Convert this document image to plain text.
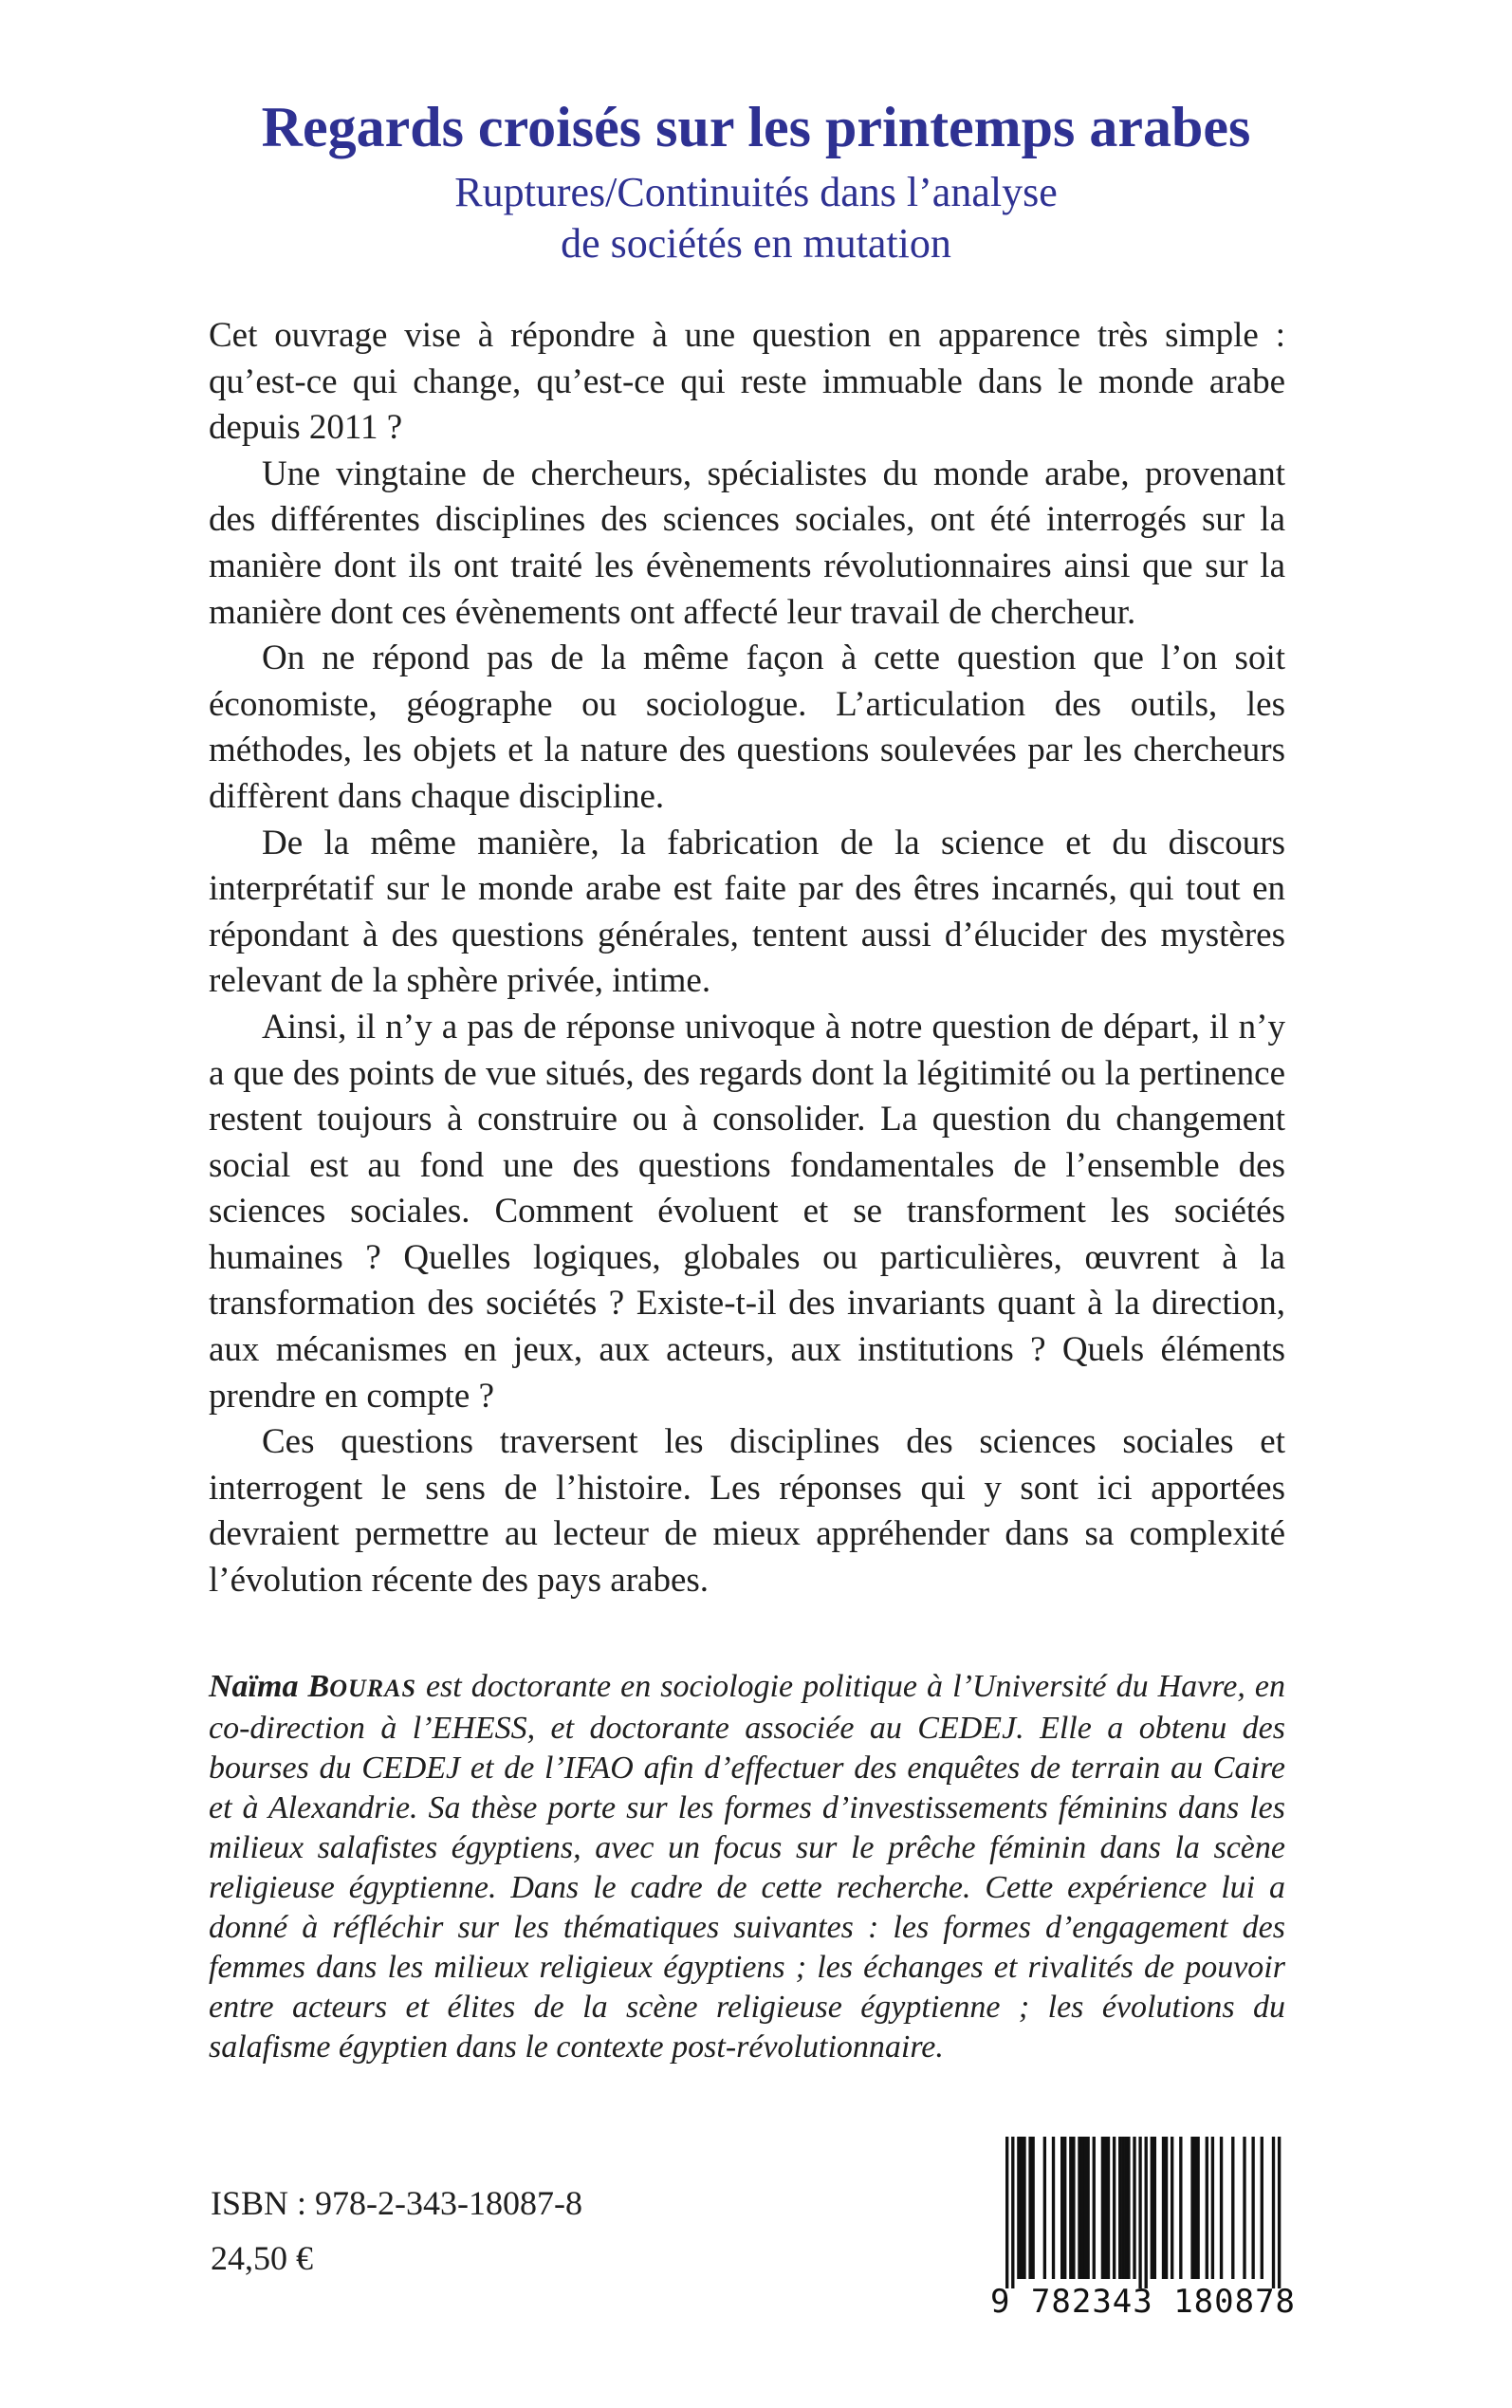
Regards croisés sur les printemps arabes
Ruptures/Continuités dans l’analyse
de sociétés en mutation

Cet ouvrage vise à répondre à une question en apparence très simple : qu’est-ce qui change, qu’est-ce qui reste immuable dans le monde arabe depuis 2011 ?

Une vingtaine de chercheurs, spécialistes du monde arabe, provenant des différentes disciplines des sciences sociales, ont été interrogés sur la manière dont ils ont traité les évènements révolutionnaires ainsi que sur la manière dont ces évènements ont affecté leur travail de chercheur.

On ne répond pas de la même façon à cette question que l’on soit économiste, géographe ou sociologue. L’articulation des outils, les méthodes, les objets et la nature des questions soulevées par les chercheurs diffèrent dans chaque discipline.

De la même manière, la fabrication de la science et du discours interprétatif sur le monde arabe est faite par des êtres incarnés, qui tout en répondant à des questions générales, tentent aussi d’élucider des mystères relevant de la sphère privée, intime.

Ainsi, il n’y a pas de réponse univoque à notre question de départ, il n’y a que des points de vue situés, des regards dont la légitimité ou la pertinence restent toujours à construire ou à consolider. La question du changement social est au fond une des questions fondamentales de l’ensemble des sciences sociales. Comment évoluent et se transforment les sociétés humaines ? Quelles logiques, globales ou particulières, œuvrent à la transformation des sociétés ? Existe-t-il des invariants quant à la direction, aux mécanismes en jeux, aux acteurs, aux institutions ? Quels éléments prendre en compte ?

Ces questions traversent les disciplines des sciences sociales et interrogent le sens de l’histoire. Les réponses qui y sont ici apportées devraient permettre au lecteur de mieux appréhender dans sa complexité l’évolution récente des pays arabes.

Naïma BOURAS est doctorante en sociologie politique à l’Université du Havre, en co-direction à l’EHESS, et doctorante associée au CEDEJ. Elle a obtenu des bourses du CEDEJ et de l’IFAO afin d’effectuer des enquêtes de terrain au Caire et à Alexandrie. Sa thèse porte sur les formes d’investissements féminins dans les milieux salafistes égyptiens, avec un focus sur le prêche féminin dans la scène religieuse égyptienne. Dans le cadre de cette recherche. Cette expérience lui a donné à réfléchir sur les thématiques suivantes : les formes d’engagement des femmes dans les milieux religieux égyptiens ; les échanges et rivalités de pouvoir entre acteurs et élites de la scène religieuse égyptienne ; les évolutions du salafisme égyptien dans le contexte post-révolutionnaire.

ISBN : 978-2-343-18087-8
24,50 €
9 782343 180878
